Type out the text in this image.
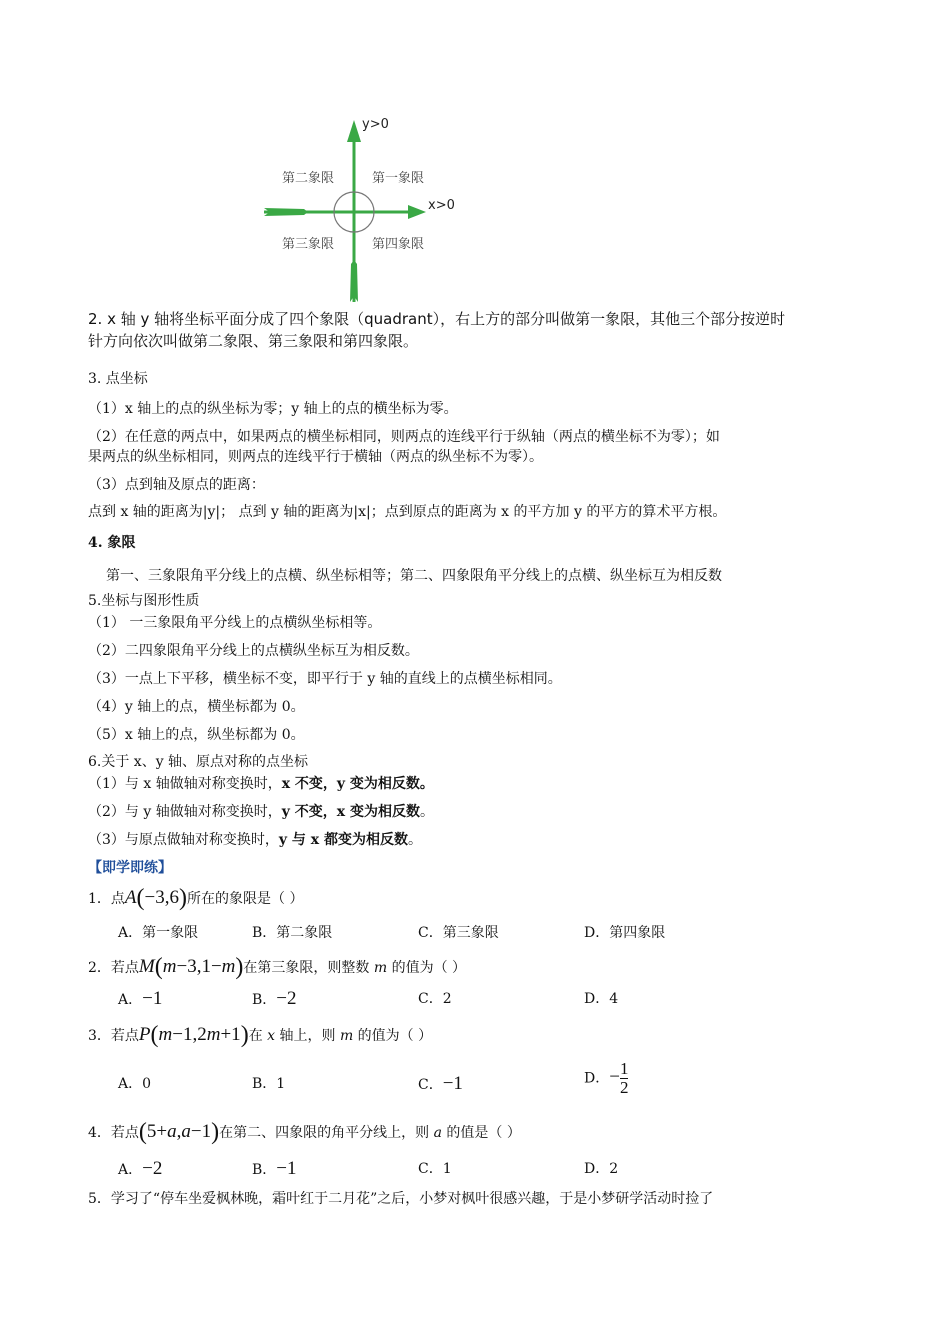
y>0
x>0
第二象限	第一象限
第三象限	第四象限
2. x 轴 y 轴将坐标平面分成了四个象限（quadrant），右上方的部分叫做第一象限，其他三个部分按逆时
针方向依次叫做第二象限、第三象限和第四象限。
3. 点坐标
（1）x 轴上的点的纵坐标为零；y 轴上的点的横坐标为零。
（2）在任意的两点中，如果两点的横坐标相同，则两点的连线平行于纵轴（两点的横坐标不为零）；如
果两点的纵坐标相同，则两点的连线平行于横轴（两点的纵坐标不为零）。
（3）点到轴及原点的距离：
点到 x 轴的距离为|y|； 点到 y 轴的距离为|x|；点到原点的距离为 x 的平方加 y 的平方的算术平方根。
4. 象限
第一、三象限角平分线上的点横、纵坐标相等；第二、四象限角平分线上的点横、纵坐标互为相反数
5.坐标与图形性质
（1） 一三象限角平分线上的点横纵坐标相等。
（2）二四象限角平分线上的点横纵坐标互为相反数。
（3）一点上下平移，横坐标不变，即平行于 y 轴的直线上的点横坐标相同。
（4）y 轴上的点，横坐标都为 0。
（5）x 轴上的点，纵坐标都为 0。
6.关于 x、y 轴、原点对称的点坐标
（1）与 x 轴做轴对称变换时，x 不变，y 变为相反数。
（2）与 y 轴做轴对称变换时，y 不变，x 变为相反数。
（3）与原点做轴对称变换时，y 与 x 都变为相反数。
【即学即练】
1．点A(−3,6)所在的象限是（ ）
A．第一象限	B．第二象限	C．第三象限	D．第四象限
2．若点M(m−3,1−m)在第三象限，则整数 m 的值为（ ）
A．−1	B．−2	C．2	D．4
3．若点P(m−1,2m+1)在 x 轴上，则 m 的值为（ ）
A．0	B．1	C．−1	D．− $\frac{1}{2}$
4．若点(5+a,a−1)在第二、四象限的角平分线上，则 a 的值是（ ）
A．−2	B．−1	C．1	D．2
5．学习了“停车坐爱枫林晚，霜叶红于二月花”之后，小梦对枫叶很感兴趣，于是小梦研学活动时捡了
